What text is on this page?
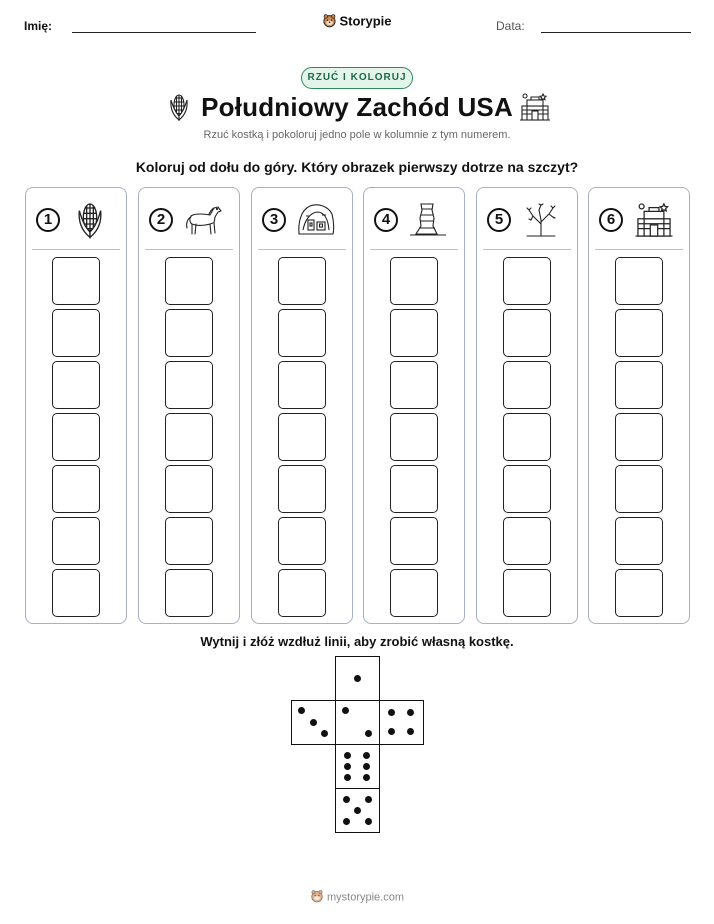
Imię:	Data:
Storypie
RZUĆ I KOLORUJ
Południowy Zachód USA
Rzuć kostką i pokoloruj jedno pole w kolumnie z tym numerem.
Koloruj od dołu do góry. Który obrazek pierwszy dotrze na szczyt?
1	2	3	4	5	6
Wytnij i złóż wzdłuż linii, aby zrobić własną kostkę.
mystorypie.com
